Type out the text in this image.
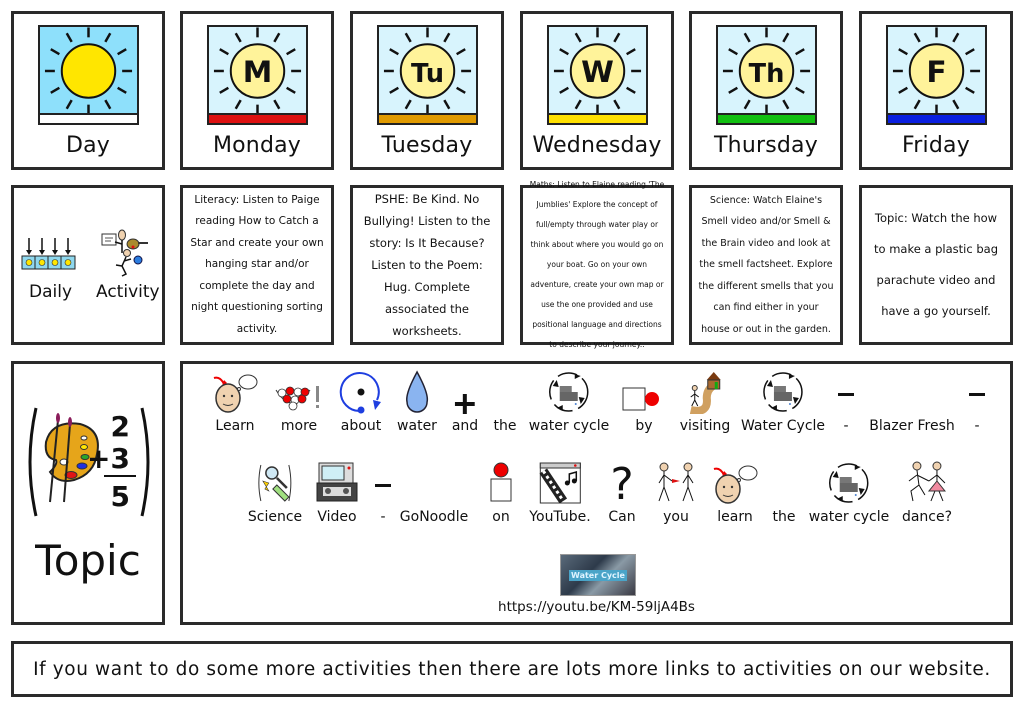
Day
M
Monday
Tu
Tuesday
W
Wednesday
Th
Thursday
F
Friday
Daily Activity

Literacy: Listen to Paige reading How to Catch a Star and create your own hanging star and/or complete the day and night questioning sorting activity.

PSHE: Be Kind. No Bullying! Listen to the story: Is It Because? Listen to the Poem: Hug. Complete associated the worksheets.

Maths: Listen to Elaine reading 'The Jumblies' Explore the concept of full/empty through water play or think about where you would go on your boat. Go on your own adventure, create your own map or use the one provided and use positional language and directions to describe your journey..

Science: Watch Elaine's Smell video and/or Smell & the Brain video and look at the smell factsheet. Explore the different smells that you can find either in your house or out in the garden.

Topic: Watch the how to make a plastic bag parachute video and have a go yourself.

2
+3
5
Topic
Learn more about water and the water cycle by visiting Water Cycle - Blazer Fresh -
Science Video - GoNoodle on YouTube.
?
Can you learn the water cycle dance?
Water Cycle
https://youtu.be/KM-59ljA4Bs
If you want to do some more activities then there are lots more links to activities on our website.
